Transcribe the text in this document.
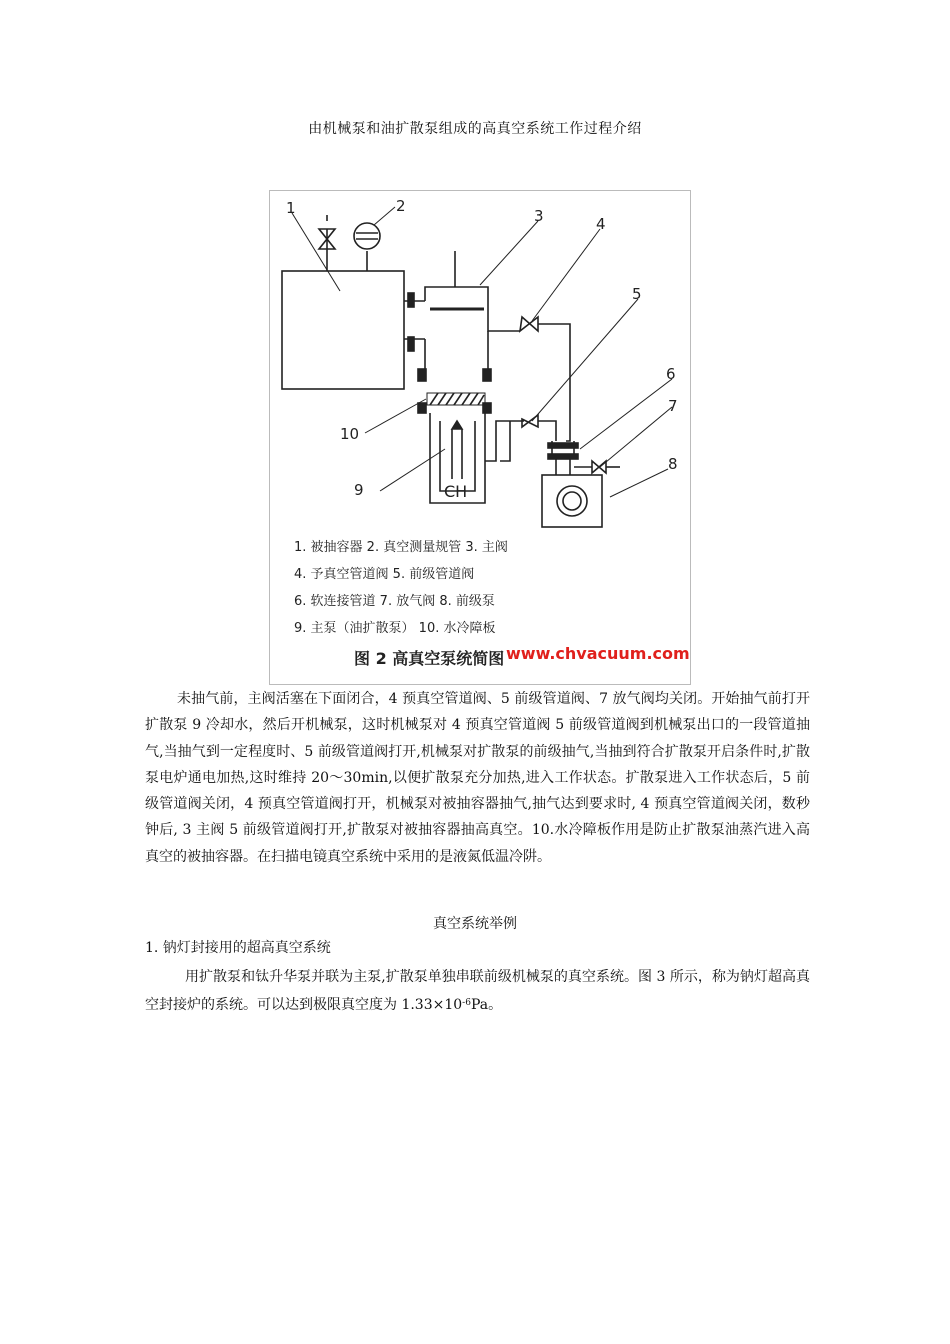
由机械泵和油扩散泵组成的高真空系统工作过程介绍
1	2
3	4
5
6
7
8
9
10
CH
1. 被抽容器 2. 真空测量规管 3. 主阀
4. 予真空管道阀 5. 前级管道阀
6. 软连接管道 7. 放气阀 8. 前级泵
9. 主泵（油扩散泵） 10. 水冷障板
图 2 高真空泵统简图 www.chvacuum.com
未抽气前，主阀活塞在下面闭合，4 预真空管道阀、5 前级管道阀、7 放气阀均关闭。开始抽气前打开扩散泵 9 冷却水，然后开机械泵，这时机械泵对 4 预真空管道阀 5 前级管道阀到机械泵出口的一段管道抽气,当抽气到一定程度时、5 前级管道阀打开,机械泵对扩散泵的前级抽气,当抽到符合扩散泵开启条件时,扩散泵电炉通电加热,这时维持 20～30min,以便扩散泵充分加热,进入工作状态。扩散泵进入工作状态后，5 前级管道阀关闭，4 预真空管道阀打开，机械泵对被抽容器抽气,抽气达到要求时, 4 预真空管道阀关闭，数秒钟后, 3 主阀 5 前级管道阀打开,扩散泵对被抽容器抽高真空。10.水冷障板作用是防止扩散泵油蒸汽进入高真空的被抽容器。在扫描电镜真空系统中采用的是液氮低温冷阱。
真空系统举例
1. 钠灯封接用的超高真空系统
用扩散泵和钛升华泵并联为主泵,扩散泵单独串联前级机械泵的真空系统。图 3 所示，称为钠灯超高真空封接炉的系统。可以达到极限真空度为 $1.33\times 10^{-6}Pa$。
